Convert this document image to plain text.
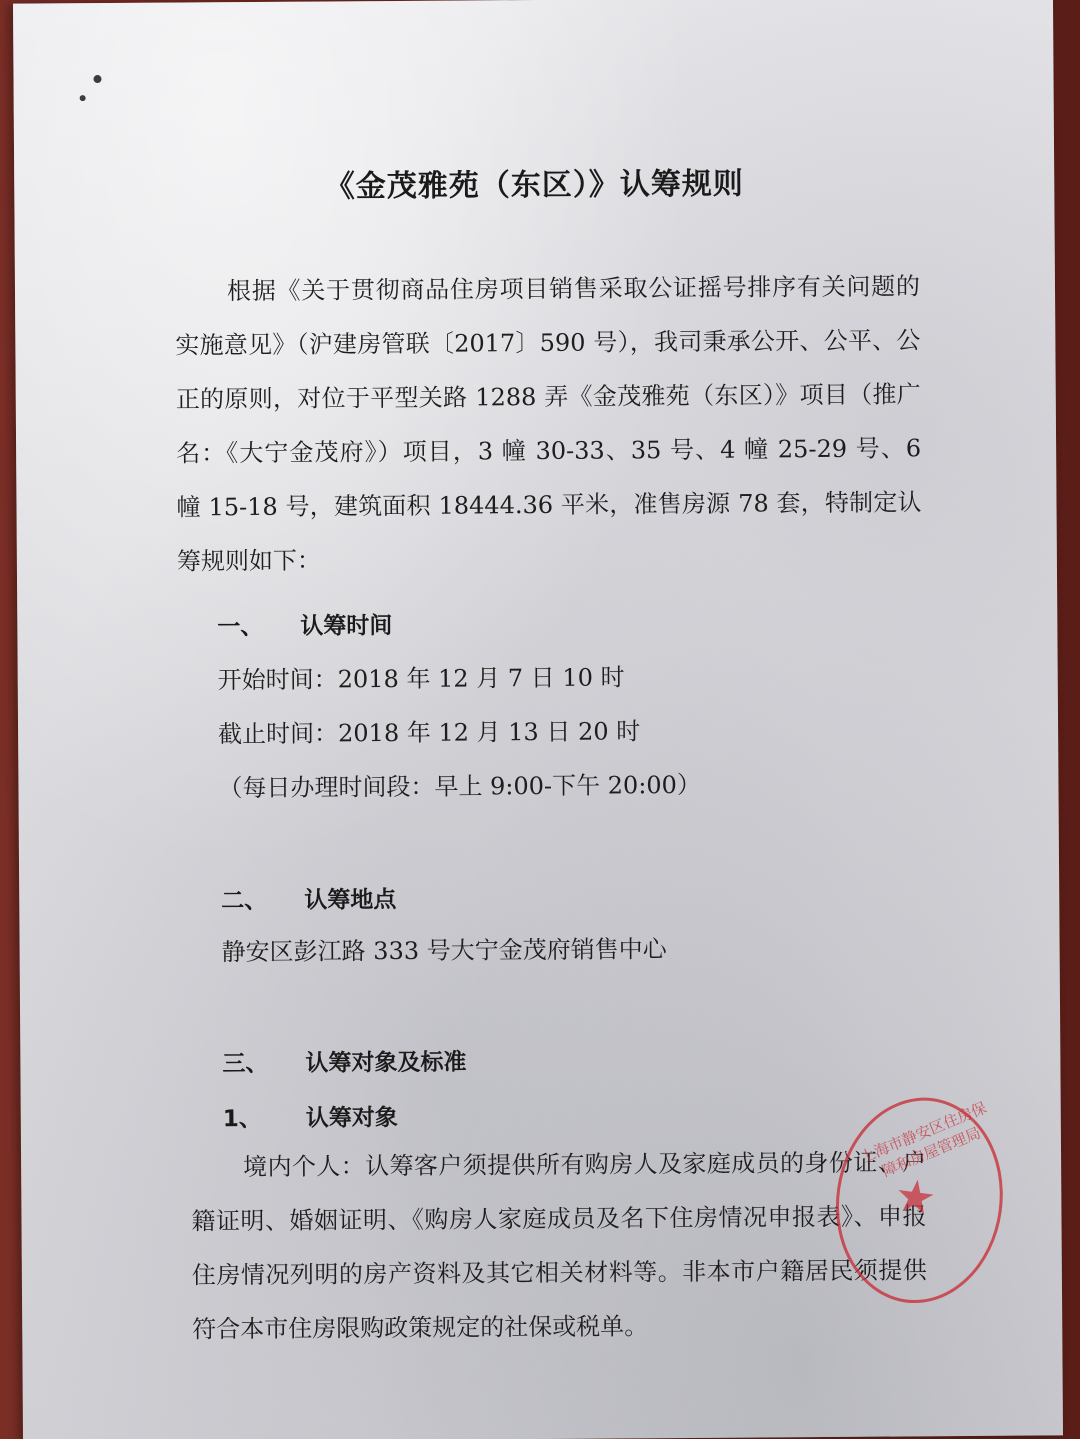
《金茂雅苑（东区）》认筹规则
根据《关于贯彻商品住房项目销售采取公证摇号排序有关问题的实施意见》（沪建房管联〔2017〕590 号），我司秉承公开、公平、公正的原则，对位于平型关路 1288 弄《金茂雅苑（东区）》项目（推广名：《大宁金茂府》）项目，3 幢 30-33、35 号、4 幢 25-29 号、6 幢 15-18 号，建筑面积 18444.36 平米，准售房源 78 套，特制定认筹规则如下：
一、 认筹时间
开始时间：2018 年 12 月 7 日 10 时
截止时间：2018 年 12 月 13 日 20 时
（每日办理时间段：早上 9:00-下午 20:00）
二、 认筹地点
静安区彭江路 333 号大宁金茂府销售中心
三、 认筹对象及标准
1、 认筹对象
境内个人：认筹客户须提供所有购房人及家庭成员的身份证、户籍证明、婚姻证明、《购房人家庭成员及名下住房情况申报表》、申报住房情况列明的房产资料及其它相关材料等。非本市户籍居民须提供符合本市住房限购政策规定的社保或税单。
上海市静安区住房保障和房屋管理局
★
